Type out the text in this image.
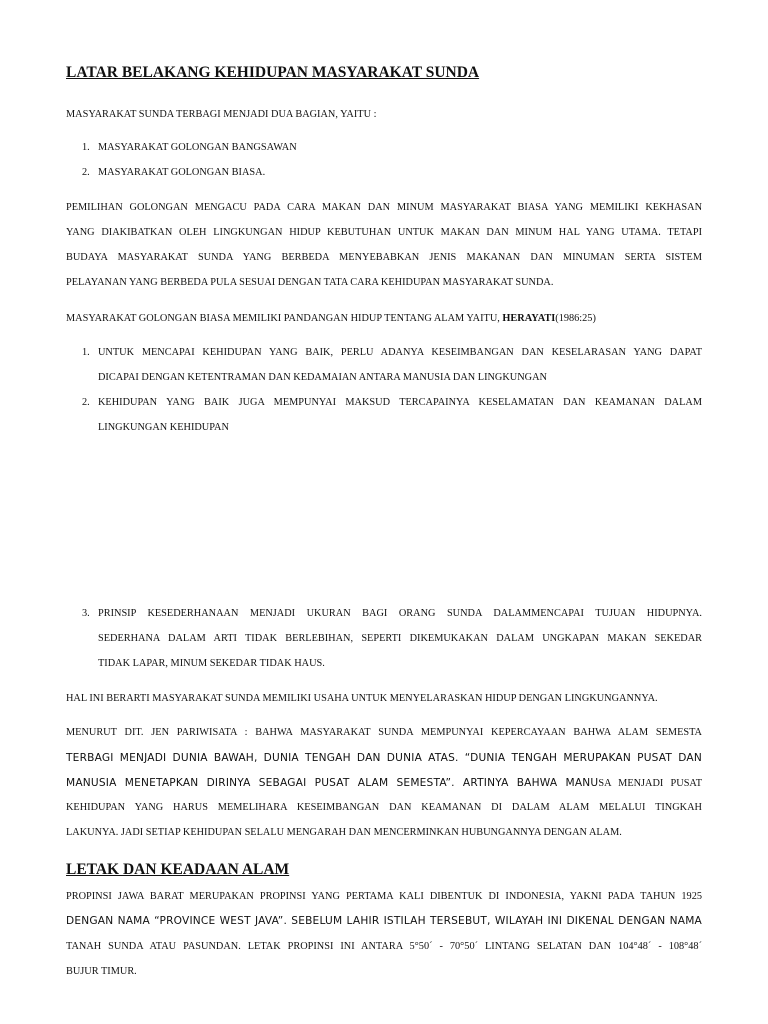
LATAR BELAKANG KEHIDUPAN MASYARAKAT SUNDA

MASYARAKAT SUNDA TERBAGI MENJADI DUA BAGIAN, YAITU :

1. MASYARAKAT GOLONGAN BANGSAWAN

2. MASYARAKAT GOLONGAN BIASA.

PEMILIHAN GOLONGAN MENGACU PADA CARA MAKAN DAN MINUM MASYARAKAT BIASA YANG MEMILIKI KEKHASAN

YANG DIAKIBATKAN OLEH LINGKUNGAN HIDUP KEBUTUHAN UNTUK MAKAN DAN MINUM HAL YANG UTAMA. TETAPI

BUDAYA MASYARAKAT SUNDA YANG BERBEDA MENYEBABKAN JENIS MAKANAN DAN MINUMAN SERTA SISTEM

PELAYANAN YANG BERBEDA PULA SESUAI DENGAN TATA CARA KEHIDUPAN MASYARAKAT SUNDA.

MASYARAKAT GOLONGAN BIASA MEMILIKI PANDANGAN HIDUP TENTANG ALAM YAITU, HERAYATI(1986:25)

1. UNTUK MENCAPAI KEHIDUPAN YANG BAIK, PERLU ADANYA KESEIMBANGAN DAN KESELARASAN YANG DAPAT

DICAPAI DENGAN KETENTRAMAN DAN KEDAMAIAN ANTARA MANUSIA DAN LINGKUNGAN

2. KEHIDUPAN YANG BAIK JUGA MEMPUNYAI MAKSUD TERCAPAINYA KESELAMATAN DAN KEAMANAN DALAM

LINGKUNGAN KEHIDUPAN

3. PRINSIP KESEDERHANAAN MENJADI UKURAN BAGI ORANG SUNDA DALAMMENCAPAI TUJUAN HIDUPNYA.

SEDERHANA DALAM ARTI TIDAK BERLEBIHAN, SEPERTI DIKEMUKAKAN DALAM UNGKAPAN MAKAN SEKEDAR

TIDAK LAPAR, MINUM SEKEDAR TIDAK HAUS.

HAL INI BERARTI MASYARAKAT SUNDA MEMILIKI USAHA UNTUK MENYELARASKAN HIDUP DENGAN LINGKUNGANNYA.

MENURUT DIT. JEN PARIWISATA : BAHWA MASYARAKAT SUNDA MEMPUNYAI KEPERCAYAAN BAHWA ALAM SEMESTA

TERBAGI MENJADI DUNIA BAWAH, DUNIA TENGAH DAN DUNIA ATAS. “DUNIA TENGAH MERUPAKAN PUSAT DAN

MANUSIA MENETAPKAN DIRINYA SEBAGAI PUSAT ALAM SEMESTA”. ARTINYA BAHWA MANUSA MENJADI PUSAT

KEHIDUPAN YANG HARUS MEMELIHARA KESEIMBANGAN DAN KEAMANAN DI DALAM ALAM MELALUI TINGKAH

LAKUNYA. JADI SETIAP KEHIDUPAN SELALU MENGARAH DAN MENCERMINKAN HUBUNGANNYA DENGAN ALAM.

LETAK DAN KEADAAN ALAM

PROPINSI JAWA BARAT MERUPAKAN PROPINSI YANG PERTAMA KALI DIBENTUK DI INDONESIA, YAKNI PADA TAHUN 1925

DENGAN NAMA “PROVINCE WEST JAVA”. SEBELUM LAHIR ISTILAH TERSEBUT, WILAYAH INI DIKENAL DENGAN NAMA

TANAH SUNDA ATAU PASUNDAN. LETAK PROPINSI INI ANTARA 5°50´ - 70°50´ LINTANG SELATAN DAN 104°48´ - 108°48´

BUJUR TIMUR.
